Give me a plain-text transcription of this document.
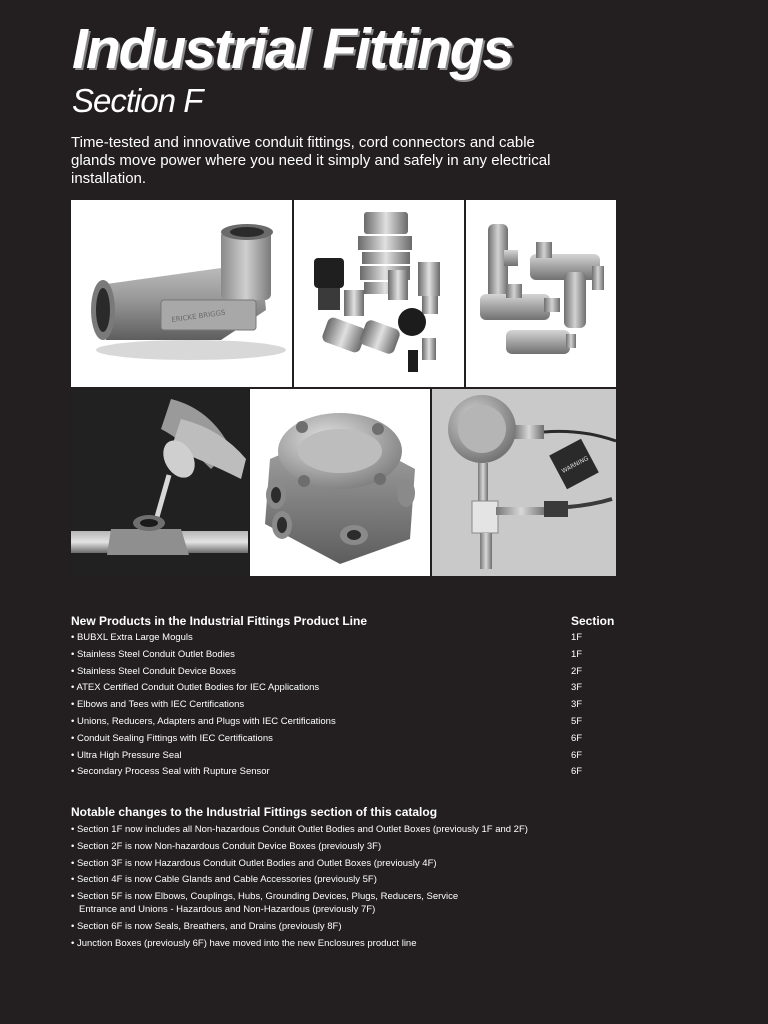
Industrial Fittings
Section F
Time-tested and innovative conduit fittings, cord connectors and cable glands move power where you need it simply and safely in any electrical installation.
ERICKE BRIGGS
WARNING
New Products in the Industrial Fittings Product Line	Section
• BUBXL Extra Large Moguls	1F
• Stainless Steel Conduit Outlet Bodies	1F
• Stainless Steel Conduit Device Boxes	2F
• ATEX Certified Conduit Outlet Bodies for IEC Applications	3F
• Elbows and Tees with IEC Certifications	3F
• Unions, Reducers, Adapters and Plugs with IEC Certifications	5F
• Conduit Sealing Fittings with IEC Certifications	6F
• Ultra High Pressure Seal	6F
• Secondary Process Seal with Rupture Sensor	6F
Notable changes to the Industrial Fittings section of this catalog
• Section 1F now includes all Non-hazardous Conduit Outlet Bodies and Outlet Boxes (previously 1F and 2F)
• Section 2F is now Non-hazardous Conduit Device Boxes (previously 3F)
• Section 3F is now Hazardous Conduit Outlet Bodies and Outlet Boxes (previously 4F)
• Section 4F is now Cable Glands and Cable Accessories (previously 5F)
• Section 5F is now Elbows, Couplings, Hubs, Grounding Devices, Plugs, Reducers, Service
Entrance and Unions - Hazardous and Non-Hazardous (previously 7F)
• Section 6F is now Seals, Breathers, and Drains (previously 8F)
• Junction Boxes (previously 6F) have moved into the new Enclosures product line
